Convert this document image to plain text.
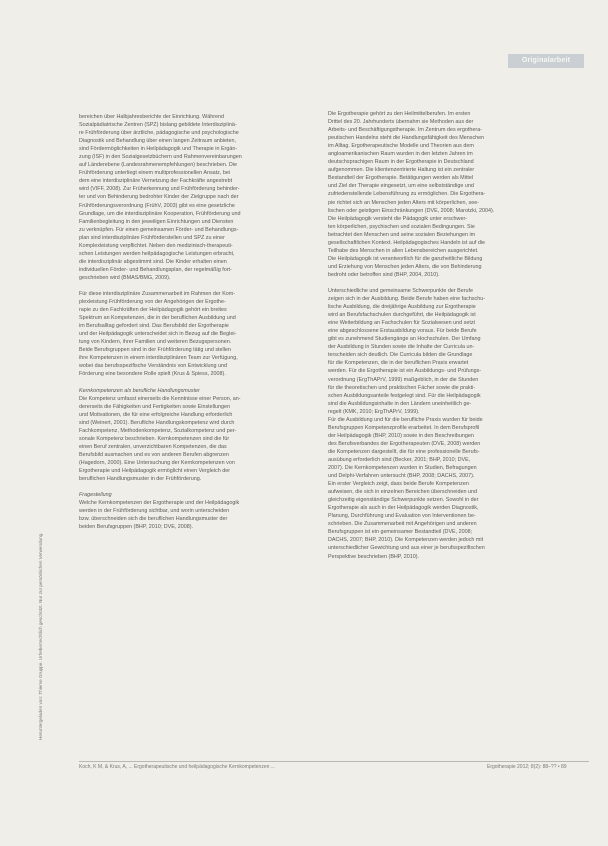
Originalarbeit
Heruntergeladen von: Thieme Gruppe. Urheberrechtlich geschützt. Nur zur persönlichen Verwendung.

bereichen über Halbjahresberichte der Einrichtung. Während

Sozialpädiatrische Zentren (SPZ) bislang gebildete Interdisziplinä-

re Frühförderung über ärztliche, pädagogische und psychologische

Diagnostik und Behandlung über einen langen Zeitraum anbieten,

sind Fördermöglichkeiten in Heilpädagogik und Therapie in Ergän-

zung (ISF) in den Sozialgesetzbüchern und Rahmenvereinbarungen

auf Länderebene (Landesrahmenempfehlungen) beschrieben. Die

Frühförderung unterliegt einem multiprofessionellen Ansatz, bei

dem eine interdisziplinäre Vernetzung der Fachkräfte angestrebt

wird (VIFF, 2008). Zur Früherkennung und Frühförderung behinder-

ter und von Behinderung bedrohter Kinder der Zielgruppe nach der

Frühförderungsverordnung (FrühV, 2003) gibt es eine gesetzliche

Grundlage, um die interdisziplinäre Kooperation, Frühförderung und

Familienbegleitung in den jeweiligen Einrichtungen und Diensten

zu verknüpfen. Für einen gemeinsamen Förder- und Behandlungs-

plan sind interdisziplinäre Frühförderstellen und SPZ zu einer

Komplexleistung verpflichtet. Neben den medizinisch-therapeuti-

schen Leistungen werden heilpädagogische Leistungen erbracht,

die interdisziplinär abgestimmt sind. Die Kinder erhalten einen

individuellen Förder- und Behandlungsplan, der regelmäßig fort-

geschrieben wird (BMAS/BMG, 2009).

Für diese interdisziplinäre Zusammenarbeit im Rahmen der Kom-

plexleistung Frühförderung von der Angehörigen der Ergothe-

rapie zu den Fachkräften der Heilpädagogik gehört ein breites

Spektrum an Kompetenzen, die in der beruflichen Ausbildung und

im Berufsalltag gefordert sind. Das Berufsbild der Ergotherapie

und der Heilpädagogik unterscheidet sich in Bezug auf die Beglei-

tung von Kindern, ihrer Familien und weiteren Bezugspersonen.

Beide Berufsgruppen sind in der Frühförderung tätig und stellen

ihre Kompetenzen in einem interdisziplinären Team zur Verfügung,

wobei das berufsspezifische Verständnis von Entwicklung und

Förderung eine besondere Rolle spielt (Krus & Spiess, 2008).

Kernkompetenzen als berufliche Handlungsmuster

Die Kompetenz umfasst einerseits die Kenntnisse einer Person, an-

dererseits die Fähigkeiten und Fertigkeiten sowie Einstellungen

und Motivationen, die für eine erfolgreiche Handlung erforderlich

sind (Weinert, 2001). Berufliche Handlungskompetenz wird durch

Fachkompetenz, Methodenkompetenz, Sozialkompetenz und per-

sonale Kompetenz beschrieben. Kernkompetenzen sind die für

einen Beruf zentralen, unverzichtbaren Kompetenzen, die das

Berufsbild ausmachen und es von anderen Berufen abgrenzen

(Hagedorn, 2000). Eine Untersuchung der Kernkompetenzen von

Ergotherapie und Heilpädagogik ermöglicht einen Vergleich der

beruflichen Handlungsmuster in der Frühförderung.

Fragestellung

Welche Kernkompetenzen der Ergotherapie und der Heilpädagogik

werden in der Frühförderung sichtbar, und worin unterscheiden

bzw. überschneiden sich die beruflichen Handlungsmuster der

beiden Berufsgruppen (BHP, 2010; DVE, 2008).

Die Ergotherapie gehört zu den Heilmittelberufen. Im ersten

Drittel des 20. Jahrhunderts übernahm sie Methoden aus der

Arbeits- und Beschäftigungstherapie. Im Zentrum des ergothera-

peutischen Handelns steht die Handlungsfähigkeit des Menschen

im Alltag. Ergotherapeutische Modelle und Theorien aus dem

angloamerikanischen Raum wurden in den letzten Jahren im

deutschsprachigen Raum in der Ergotherapie in Deutschland

aufgenommen. Die klientenzentrierte Haltung ist ein zentraler

Bestandteil der Ergotherapie. Betätigungen werden als Mittel

und Ziel der Therapie eingesetzt, um eine selbstständige und

zufriedenstellende Lebensführung zu ermöglichen. Die Ergothera-

pie richtet sich an Menschen jeden Alters mit körperlichen, see-

lischen oder geistigen Einschränkungen (DVE, 2008; Marotzki, 2004).

Die Heilpädagogik versteht die Pädagogik unter erschwer-

ten körperlichen, psychischen und sozialen Bedingungen. Sie

betrachtet den Menschen und seine sozialen Beziehungen im

gesellschaftlichen Kontext. Heilpädagogisches Handeln ist auf die

Teilhabe des Menschen in allen Lebensbereichen ausgerichtet.

Die Heilpädagogik ist verantwortlich für die ganzheitliche Bildung

und Erziehung von Menschen jeden Alters, die von Behinderung

bedroht oder betroffen sind (BHP, 2004, 2010).

Unterschiedliche und gemeinsame Schwerpunkte der Berufe

zeigen sich in der Ausbildung. Beide Berufe haben eine fachschu-

lische Ausbildung, die dreijährige Ausbildung zur Ergotherapie

wird an Berufsfachschulen durchgeführt, die Heilpädagogik ist

eine Weiterbildung an Fachschulen für Sozialwesen und setzt

eine abgeschlossene Erstausbildung voraus. Für beide Berufe

gibt es zunehmend Studiengänge an Hochschulen. Der Umfang

der Ausbildung in Stunden sowie die Inhalte der Curricula un-

terscheiden sich deutlich. Die Curricula bilden die Grundlage

für die Kompetenzen, die in der beruflichen Praxis erwartet

werden. Für die Ergotherapie ist ein Ausbildungs- und Prüfungs-

verordnung (ErgThAPrV, 1999) maßgeblich, in der die Stunden

für die theoretischen und praktischen Fächer sowie die prakti-

schen Ausbildungsanteile festgelegt sind. Für die Heilpädagogik

sind die Ausbildungsinhalte in den Ländern uneinheitlich ge-

regelt (KMK, 2010; ErgThAPrV, 1999).

Für die Ausbildung und für die berufliche Praxis wurden für beide

Berufsgruppen Kompetenzprofile erarbeitet. In dem Berufsprofil

der Heilpädagogik (BHP, 2010) sowie in den Beschreibungen

des Berufsverbandes der Ergotherapeuten (DVE, 2008) werden

die Kompetenzen dargestellt, die für eine professionelle Berufs-

ausübung erforderlich sind (Becker, 2001; BHP, 2010; DVE,

2007). Die Kernkompetenzen wurden in Studien, Befragungen

und Delphi-Verfahren untersucht (BHP, 2008; DACHS, 2007).

Ein erster Vergleich zeigt, dass beide Berufe Kompetenzen

aufweisen, die sich in einzelnen Bereichen überschneiden und

gleichzeitig eigenständige Schwerpunkte setzen. Sowohl in der

Ergotherapie als auch in der Heilpädagogik werden Diagnostik,

Planung, Durchführung und Evaluation von Interventionen be-

schrieben. Die Zusammenarbeit mit Angehörigen und anderen

Berufsgruppen ist ein gemeinsamer Bestandteil (DVE, 2008;

DACHS, 2007; BHP, 2010). Die Kompetenzen werden jedoch mit

unterschiedlicher Gewichtung und aus einer je berufsspezifischen

Perspektive beschrieben (BHP, 2010).

Koch, K M, & Krus, A, ... Ergotherapeutische und heilpädagogische Kernkompetenzen ...	Ergotherapie 2012; 8(2): 88–?? • 89
